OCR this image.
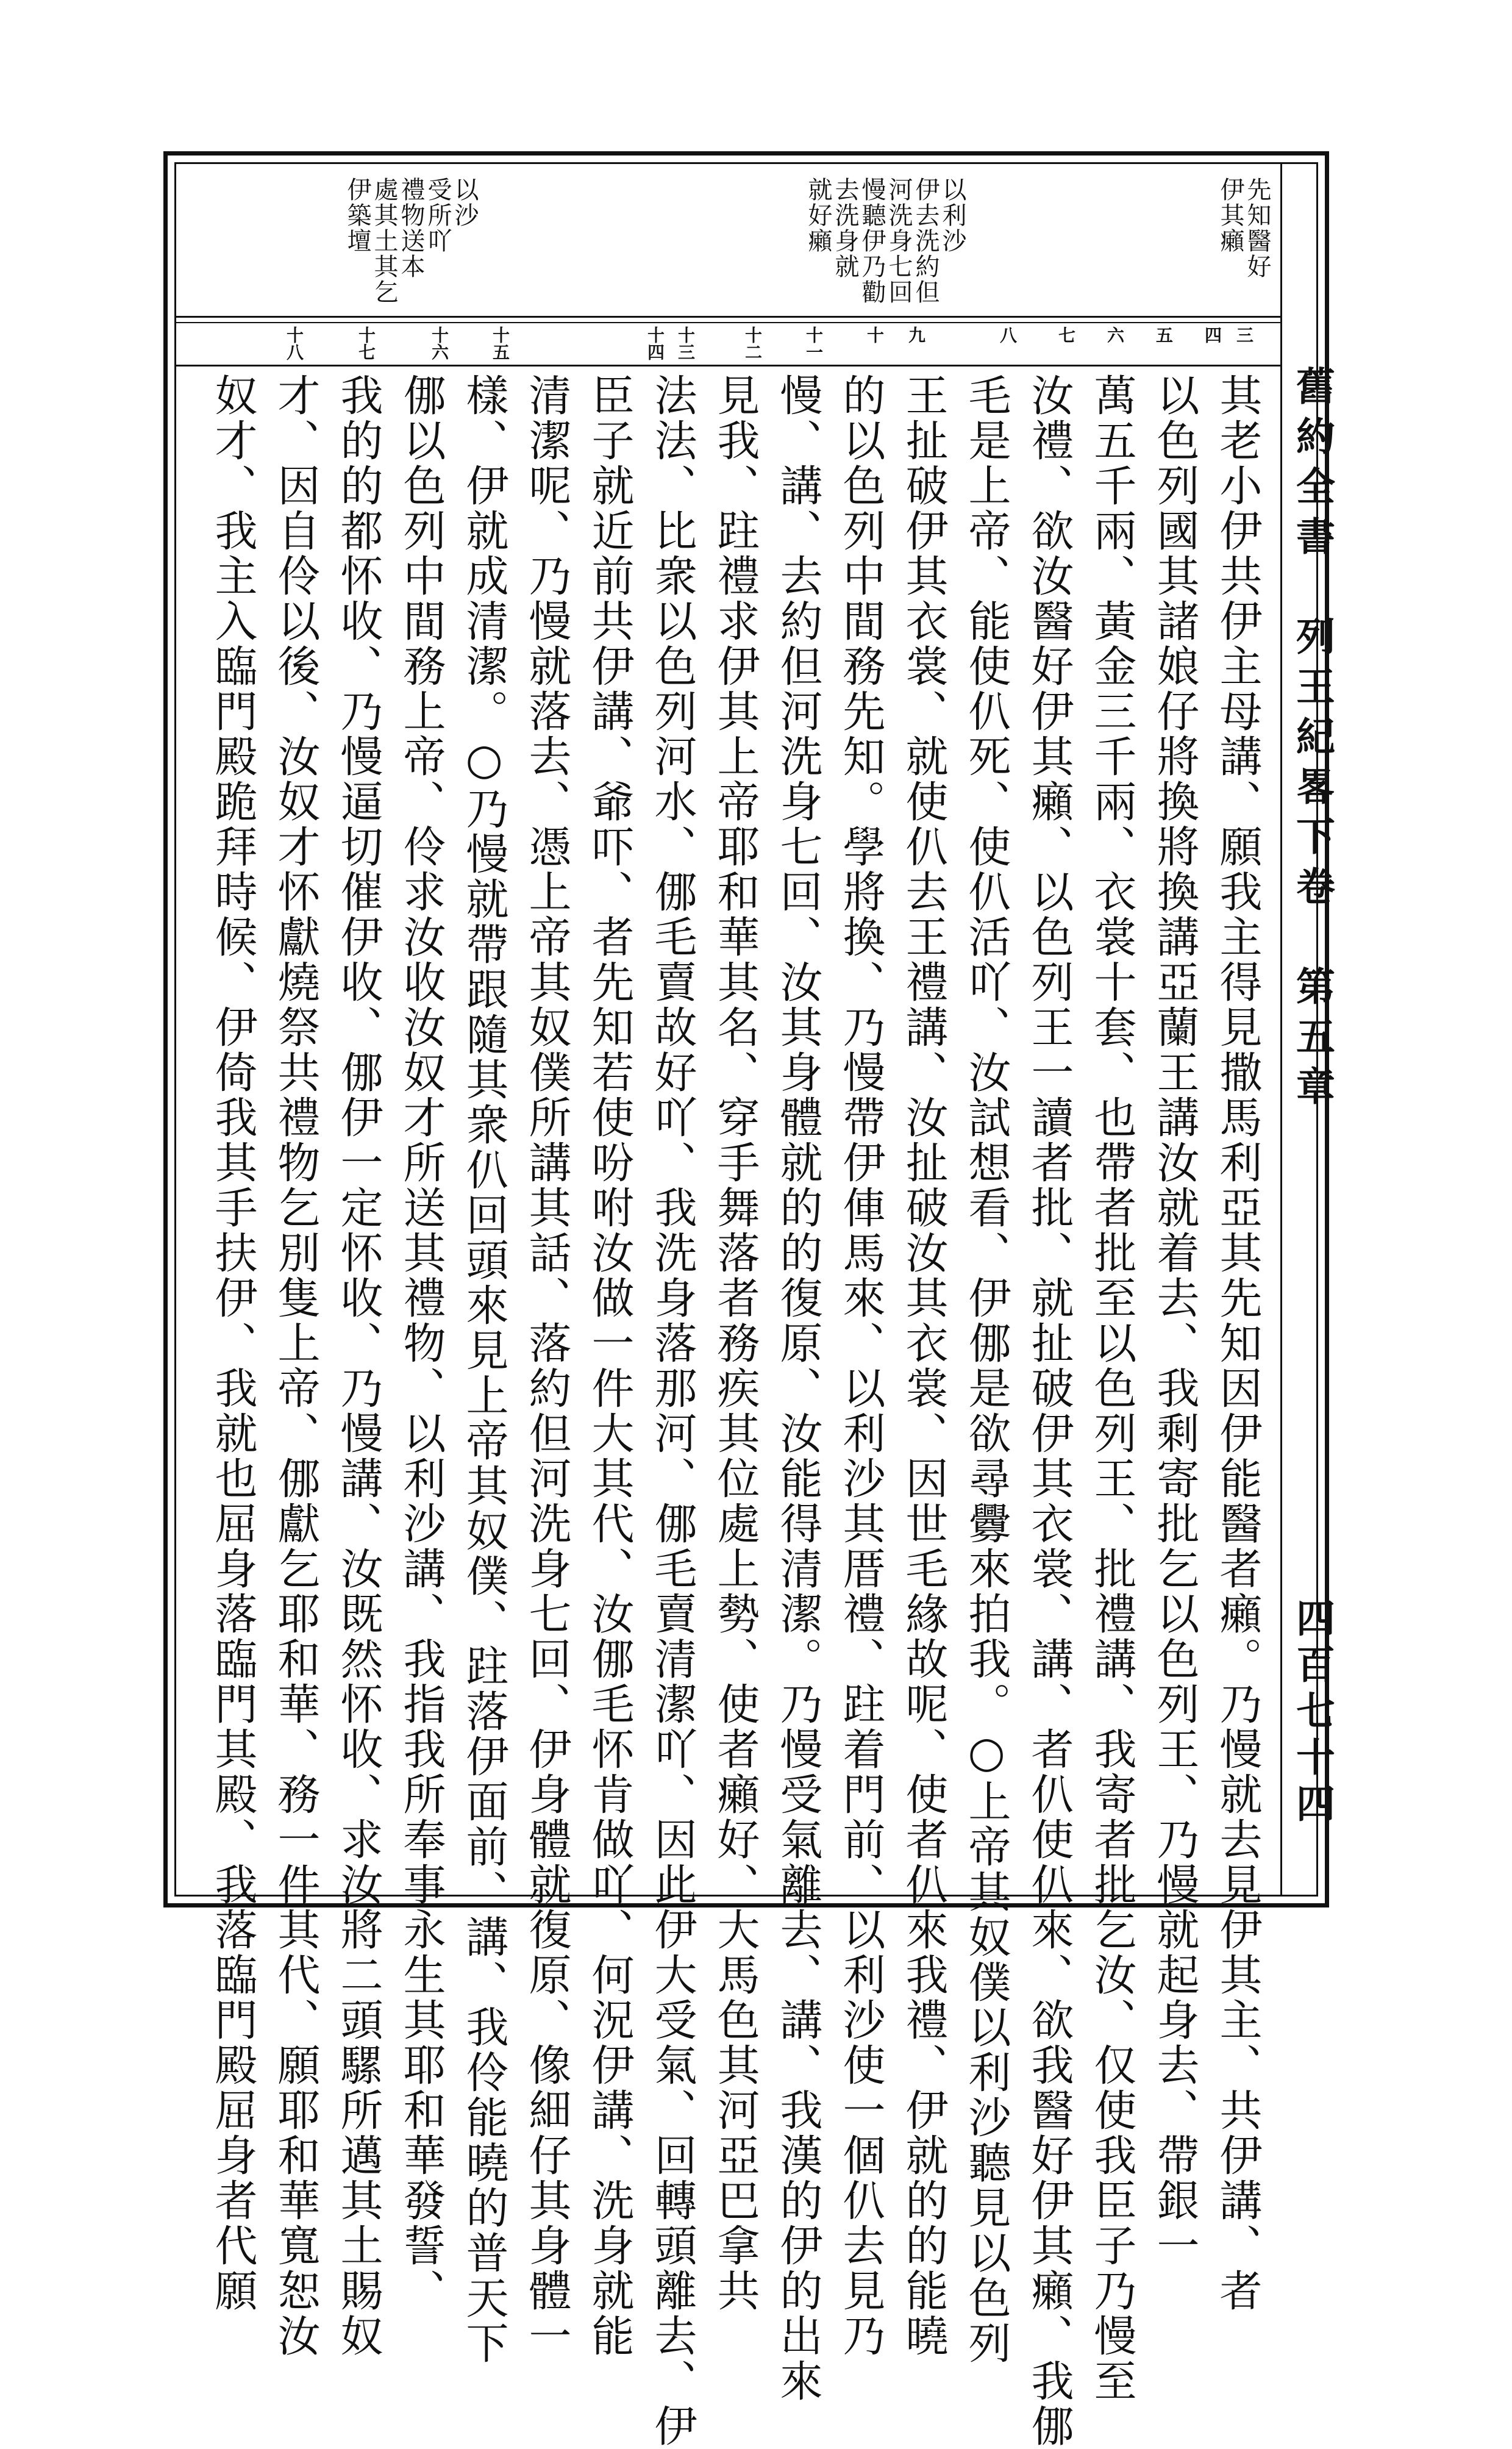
舊約全書　列王紀畧下卷　第五章
四百七十四
先知醫好
伊其癩
以利沙
伊去洗約但
河洗身七回
慢聽伊乃勸
去洗身就
就好癩
以沙
受所吖
禮物送本
處其土其乞
伊築壇
三
四
五
六
七
八
九
十
十一
十二
十三
十四
十五
十六
十七
十八
其老小伊共伊主母講、願我主得見撒馬利亞其先知因伊能醫者癩。乃慢就去見伊其主、共伊講、者
以色列國其諸娘仔將換將換講亞蘭王講汝就着去、我剩寄批乞以色列王、乃慢就起身去、帶銀一
萬五千兩、黃金三千兩、衣裳十套、也帶者批至以色列王、批禮講、我寄者批乞汝、仅使我臣子乃慢至
汝禮、欲汝醫好伊其癩、以色列王一讀者批、就扯破伊其衣裳、講、者仈使仈來、欲我醫好伊其癩、我㑚
毛是上帝、能使仈死、使仈活吖、汝試想看、伊㑚是欲尋釁來拍我。○上帝其奴僕以利沙聽見以色列
王扯破伊其衣裳、就使仈去王禮講、汝扯破汝其衣裳、因世毛緣故呢、使者仈來我禮、伊就的的能曉
的以色列中間務先知。學將換、乃慢帶伊俥馬來、以利沙其厝禮、跓着門前、以利沙使一個仈去見乃
慢、講、去約但河洗身七回、汝其身體就的的復原、汝能得清潔。乃慢受氣離去、講、我漢的伊的出來
見我、跓禮求伊其上帝耶和華其名、穿手舞落者務疾其位處上勢、使者癩好、大馬色其河亞巴拿共
法法、比衆以色列河水、㑚毛賣故好吖、我洗身落那河、㑚毛賣清潔吖、因此伊大受氣、回轉頭離去、伊
臣子就近前共伊講、爺吓、者先知若使吩咐汝做一件大其代、汝㑚毛怀肯做吖、何況伊講、洗身就能
清潔呢、乃慢就落去、憑上帝其奴僕所講其話、落約但河洗身七回、伊身體就復原、像細仔其身體一
樣、伊就成清潔。○乃慢就帶跟隨其衆仈回頭來見上帝其奴僕、跓落伊面前、講、我伶能曉的普天下
㑚以色列中間務上帝、伶求汝收汝奴才所送其禮物、以利沙講、我指我所奉事永生其耶和華發誓、
我的的都怀收、乃慢逼切催伊收、㑚伊一定怀收、乃慢講、汝既然怀收、求汝將二頭騾所邁其土賜奴
才、因自伶以後、汝奴才怀獻燒祭共禮物乞別隻上帝、㑚獻乞耶和華、務一件其代、願耶和華寬恕汝
奴才、我主入臨門殿跪拜時候、伊倚我其手扶伊、我就也屈身落臨門其殿、我落臨門殿屈身者代願
